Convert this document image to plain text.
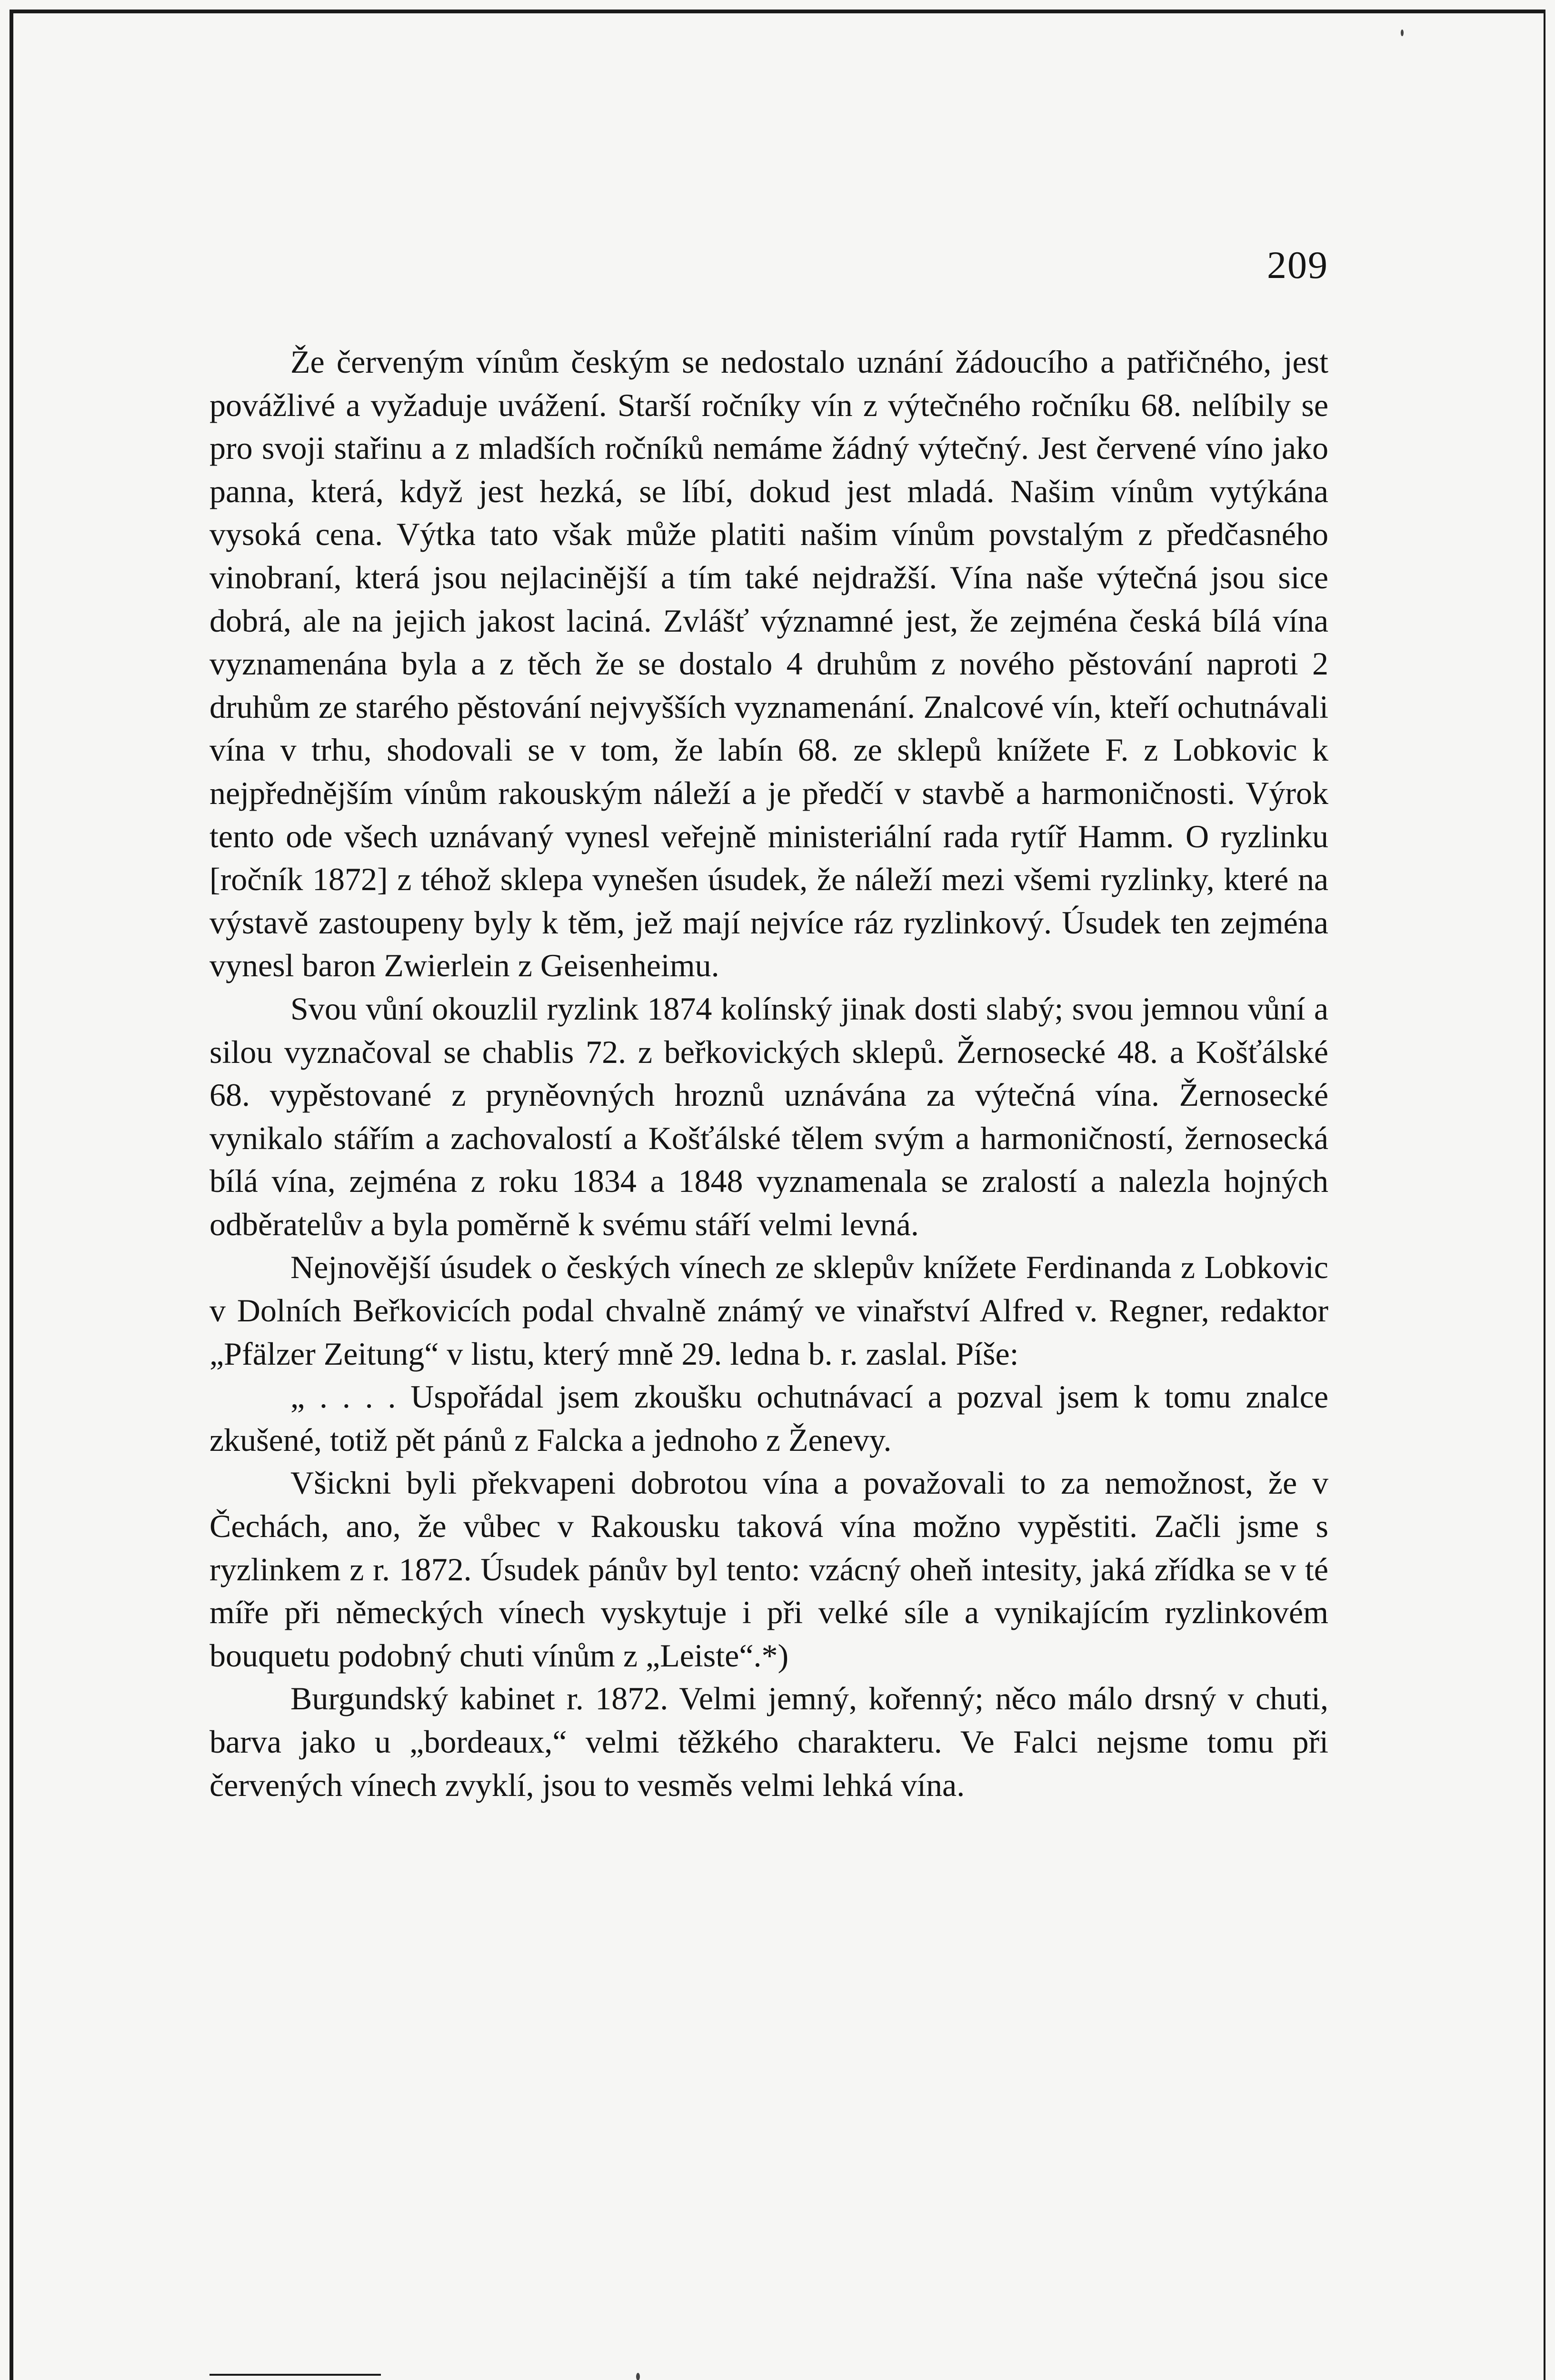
209

Že červeným vínům českým se nedostalo uznání žádoucího a patřičného, jest povážlivé a vyžaduje uvážení. Starší ročníky vín z výtečného ročníku 68. nelíbily se pro svoji stařinu a z mladších ročníků nemáme žádný výtečný. Jest červené víno jako panna, která, když jest hezká, se líbí, dokud jest mladá. Našim vínům vytýkána vysoká cena. Výtka tato však může platiti našim vínům povstalým z předčasného vinobraní, která jsou nejlacinější a tím také nejdražší. Vína naše výtečná jsou sice dobrá, ale na jejich jakost laciná. Zvlášť významné jest, že zejména česká bílá vína vyznamenána byla a z těch že se dostalo 4 druhům z nového pěstování naproti 2 druhům ze starého pěstování nejvyšších vyznamenání. Znalcové vín, kteří ochutnávali vína v trhu, shodovali se v tom, že labín 68. ze sklepů knížete F. z Lobkovic k nejpřednějším vínům rakouským náleží a je předčí v stavbě a harmoničnosti. Výrok tento ode všech uznávaný vynesl veřejně ministeriální rada rytíř Hamm. O ryzlinku [ročník 1872] z téhož sklepa vynešen úsudek, že náleží mezi všemi ryzlinky, které na výstavě zastoupeny byly k těm, jež mají nejvíce ráz ryzlinkový. Úsudek ten zejména vynesl baron Zwierlein z Geisenheimu.

Svou vůní okouzlil ryzlink 1874 kolínský jinak dosti slabý; svou jemnou vůní a silou vyznačoval se chablis 72. z beřkovických sklepů. Žernosecké 48. a Košťálské 68. vypěstované z pryněovných hroznů uznávána za výtečná vína. Žernosecké vynikalo stářím a zachovalostí a Košťálské tělem svým a harmoničností, žernosecká bílá vína, zejména z roku 1834 a 1848 vyznamenala se zralostí a nalezla hojných odběratelův a byla poměrně k svému stáří velmi levná.

Nejnovější úsudek o českých vínech ze sklepův knížete Ferdinanda z Lobkovic v Dolních Beřkovicích podal chvalně známý ve vinařství Alfred v. Regner, redaktor „Pfälzer Zeitung“ v listu, který mně 29. ledna b. r. zaslal. Píše:

„ . . . . Uspořádal jsem zkoušku ochutnávací a pozval jsem k tomu znalce zkušené, totiž pět pánů z Falcka a jednoho z Ženevy.

Všickni byli překvapeni dobrotou vína a považovali to za nemožnost, že v Čechách, ano, že vůbec v Rakousku taková vína možno vypěstiti. Začli jsme s ryzlinkem z r. 1872. Úsudek pánův byl tento: vzácný oheň intesity, jaká zřídka se v té míře při německých vínech vyskytuje i při velké síle a vynikajícím ryzlinkovém bouquetu podobný chuti vínům z „Leiste“.*)

Burgundský kabinet r. 1872. Velmi jemný, kořenný; něco málo drsný v chuti, barva jako u „bordeaux,“ velmi těžkého charakteru. Ve Falci nejsme tomu při červených vínech zvyklí, jsou to vesměs velmi lehká vína.
